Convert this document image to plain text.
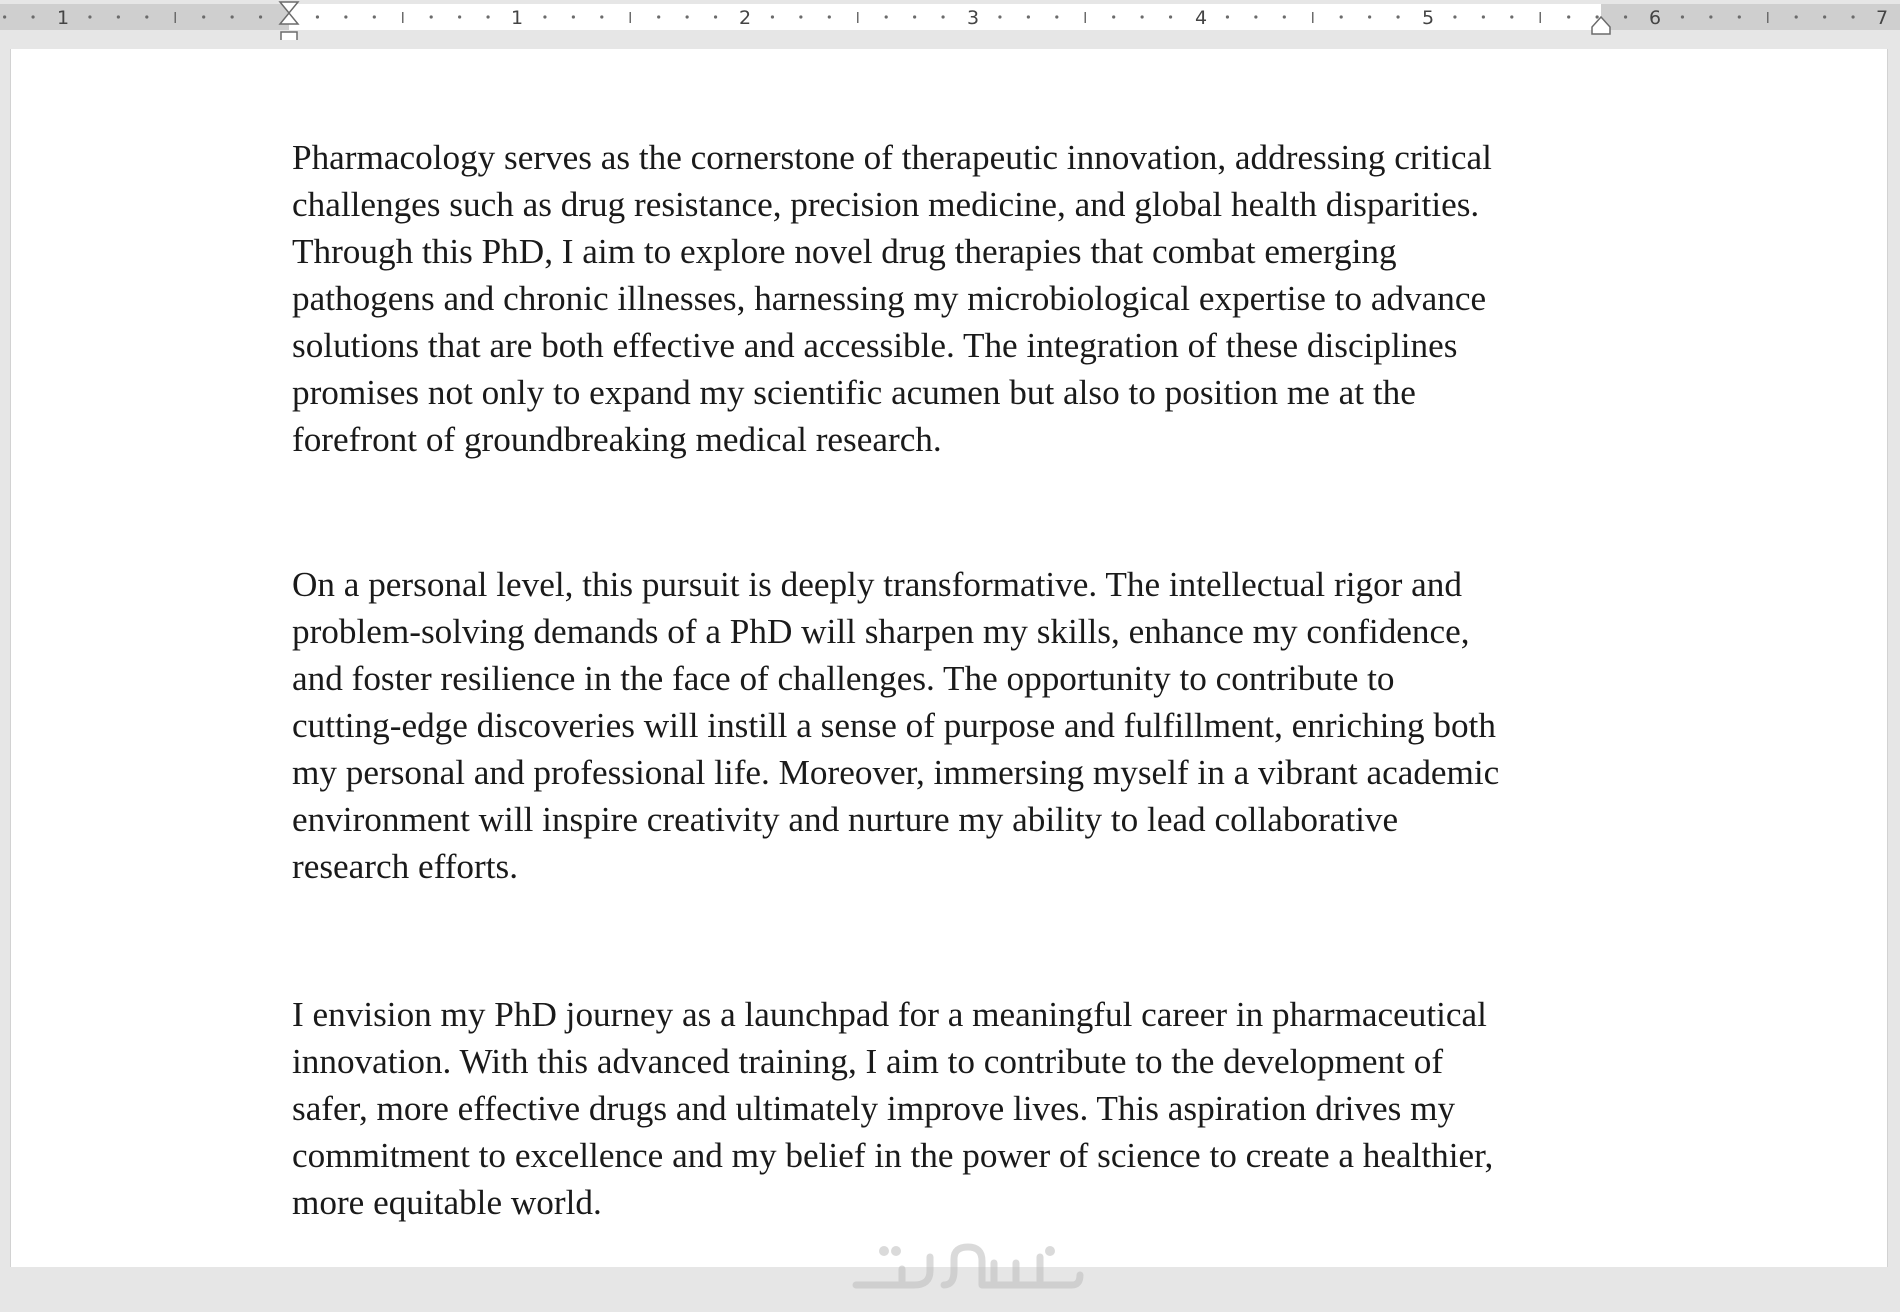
1	1	2	3	4	5	6	7

Pharmacology serves as the cornerstone of therapeutic innovation, addressing critical
challenges such as drug resistance, precision medicine, and global health disparities.
Through this PhD, I aim to explore novel drug therapies that combat emerging
pathogens and chronic illnesses, harnessing my microbiological expertise to advance
solutions that are both effective and accessible. The integration of these disciplines
promises not only to expand my scientific acumen but also to position me at the
forefront of groundbreaking medical research.

On a personal level, this pursuit is deeply transformative. The intellectual rigor and
problem-solving demands of a PhD will sharpen my skills, enhance my confidence,
and foster resilience in the face of challenges. The opportunity to contribute to
cutting-edge discoveries will instill a sense of purpose and fulfillment, enriching both
my personal and professional life. Moreover, immersing myself in a vibrant academic
environment will inspire creativity and nurture my ability to lead collaborative
research efforts.

I envision my PhD journey as a launchpad for a meaningful career in pharmaceutical
innovation. With this advanced training, I aim to contribute to the development of
safer, more effective drugs and ultimately improve lives. This aspiration drives my
commitment to excellence and my belief in the power of science to create a healthier,
more equitable world.
